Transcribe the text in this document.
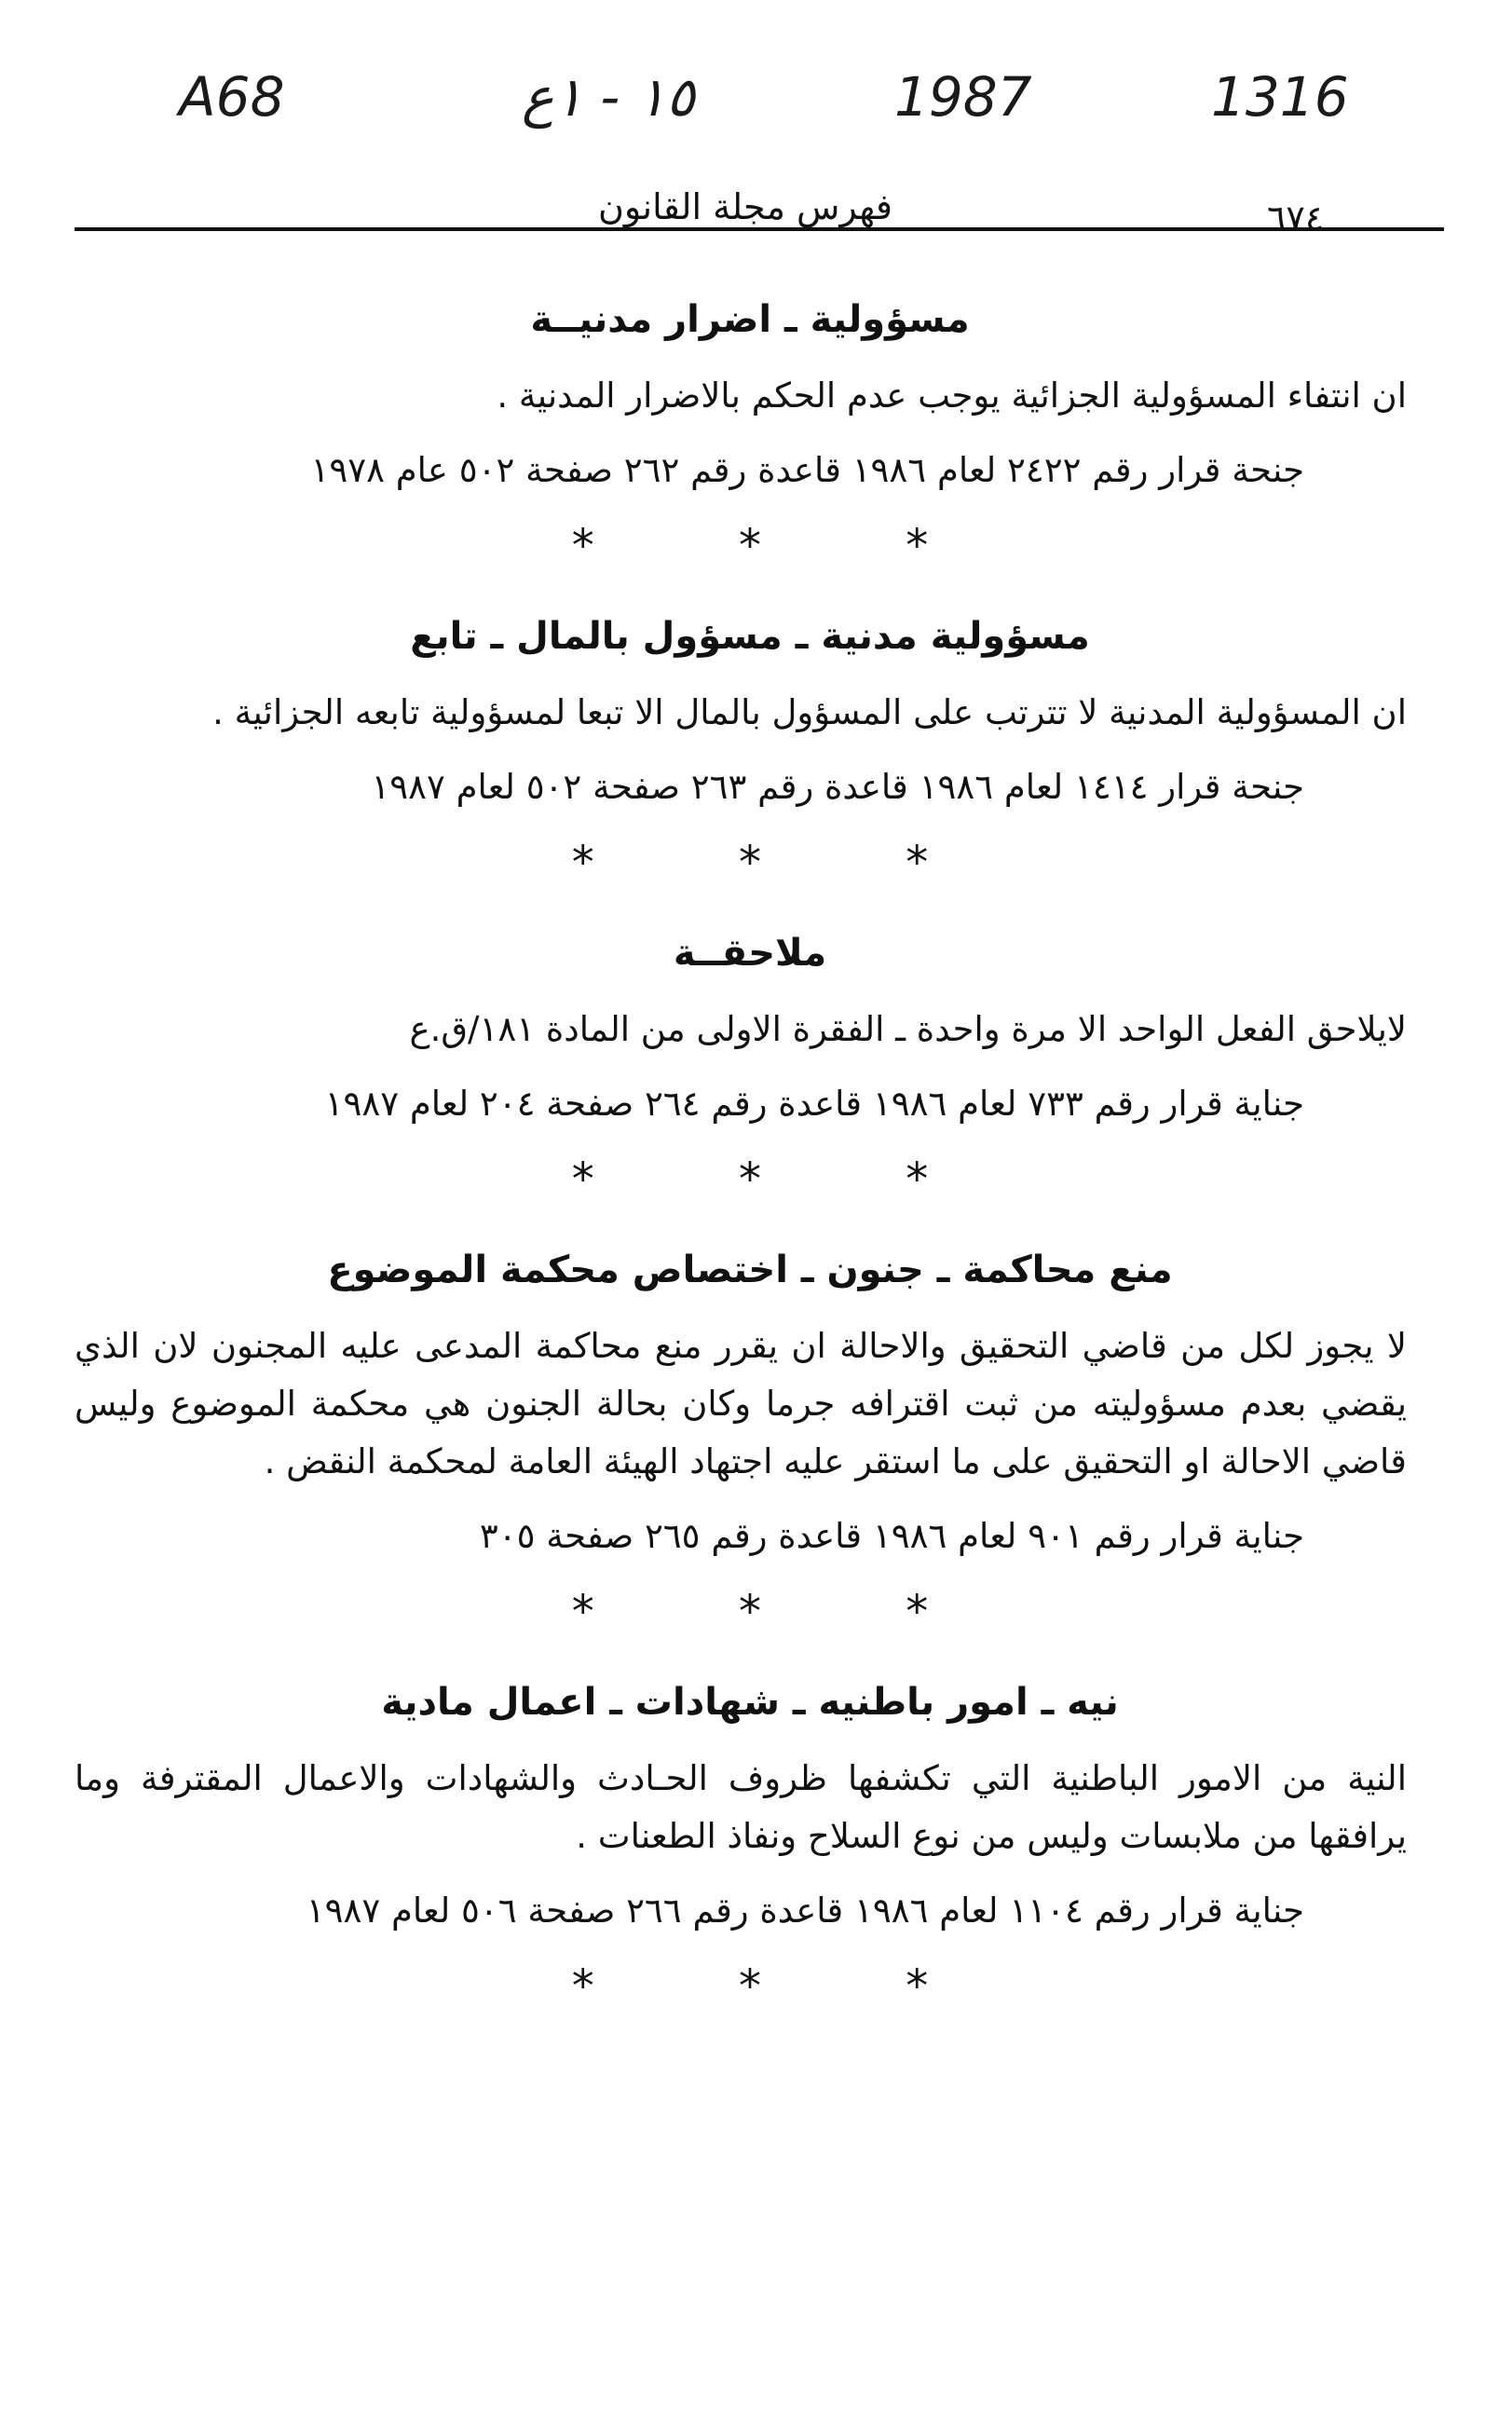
A68	١٥ - ١ع	1987	1316
فهرس مجلة القانون	٦٧٤
مسؤولية ـ اضرار مدنيــة
ان انتفاء المسؤولية الجزائية يوجب عدم الحكم بالاضرار المدنية .
جنحة قرار رقم ٢٤٢٢ لعام ١٩٨٦ قاعدة رقم ٢٦٢ صفحة ٥٠٢ عام ١٩٧٨
* * *
مسؤولية مدنية ـ مسؤول بالمال ـ تابع
ان المسؤولية المدنية لا تترتب على المسؤول بالمال الا تبعا لمسؤولية تابعه الجزائية .
جنحة قرار ١٤١٤ لعام ١٩٨٦ قاعدة رقم ٢٦٣ صفحة ٥٠٢ لعام ١٩٨٧
* * *
ملاحقــة
لايلاحق الفعل الواحد الا مرة واحدة ـ الفقرة الاولى من المادة ١٨١/ق.ع
جناية قرار رقم ٧٣٣ لعام ١٩٨٦ قاعدة رقم ٢٦٤ صفحة ٢٠٤ لعام ١٩٨٧
* * *
منع محاكمة ـ جنون ـ اختصاص محكمة الموضوع
لا يجوز لكل من قاضي التحقيق والاحالة ان يقرر منع محاكمة المدعى عليه المجنون لان الذي يقضي بعدم مسؤوليته من ثبت اقترافه جرما وكان بحالة الجنون هي محكمة الموضوع وليس قاضي الاحالة او التحقيق على ما استقر عليه اجتهاد الهيئة العامة لمحكمة النقض .
جناية قرار رقم ٩٠١ لعام ١٩٨٦ قاعدة رقم ٢٦٥ صفحة ٣٠٥
* * *
نيه ـ امور باطنيه ـ شهادات ـ اعمال مادية
النية من الامور الباطنية التي تكشفها ظروف الحـادث والشهادات والاعمال المقترفة وما يرافقها من ملابسات وليس من نوع السلاح ونفاذ الطعنات .
جناية قرار رقم ١١٠٤ لعام ١٩٨٦ قاعدة رقم ٢٦٦ صفحة ٥٠٦ لعام ١٩٨٧
* * *
